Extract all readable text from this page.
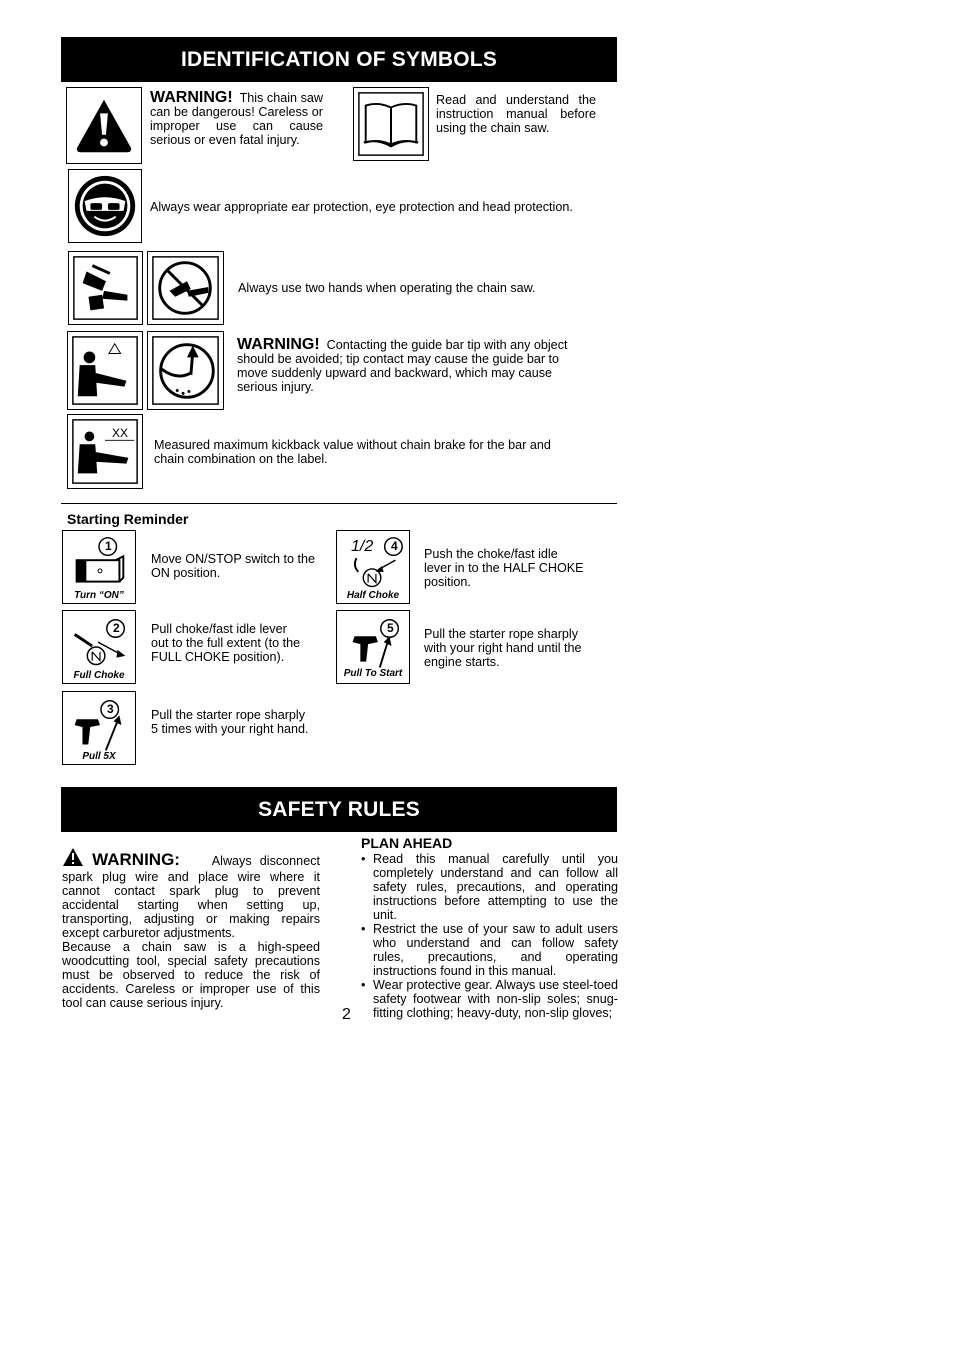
IDENTIFICATION OF SYMBOLS
WARNING! This chain saw can be dangerous! Careless or improper use can cause serious or even fatal injury.
Read and understand the instruction manual before using the chain saw.
Always wear appropriate ear protection, eye protection and head protection.
Always use two hands when operating the chain saw.
WARNING! Contacting the guide bar tip with any object should be avoided; tip contact may cause the guide bar to move suddenly upward and backward, which may cause serious injury.
XX
Measured maximum kickback value without chain brake for the bar and chain combination on the label.
Starting Reminder
1
Turn “ON”
Move ON/STOP switch to the ON position.
2
Full Choke
Pull choke/fast idle lever out to the full extent (to the FULL CHOKE position).
3
Pull 5X
Pull the starter rope sharply 5 times with your right hand.
1/2 4
Half Choke
Push the choke/fast idle lever in to the HALF CHOKE position.
5
Pull To Start
Pull the starter rope sharply with your right hand until the engine starts.
SAFETY RULES
WARNING:	Always disconnect spark plug wire and place wire where it cannot contact spark plug to prevent accidental starting when setting up, transporting, adjusting or making repairs except carburetor adjustments.
Because a chain saw is a high-speed woodcutting tool, special safety precautions must be observed to reduce the risk of accidents. Careless or improper use of this tool can cause serious injury.
PLAN AHEAD
• Read this manual carefully until you completely understand and can follow all safety rules, precautions, and operating instructions before attempting to use the unit.
• Restrict the use of your saw to adult users who understand and can follow safety rules, precautions, and operating instructions found in this manual.
• Wear protective gear. Always use steel-toed safety footwear with non-slip soles; snug-fitting clothing; heavy-duty, non-slip gloves;
2
